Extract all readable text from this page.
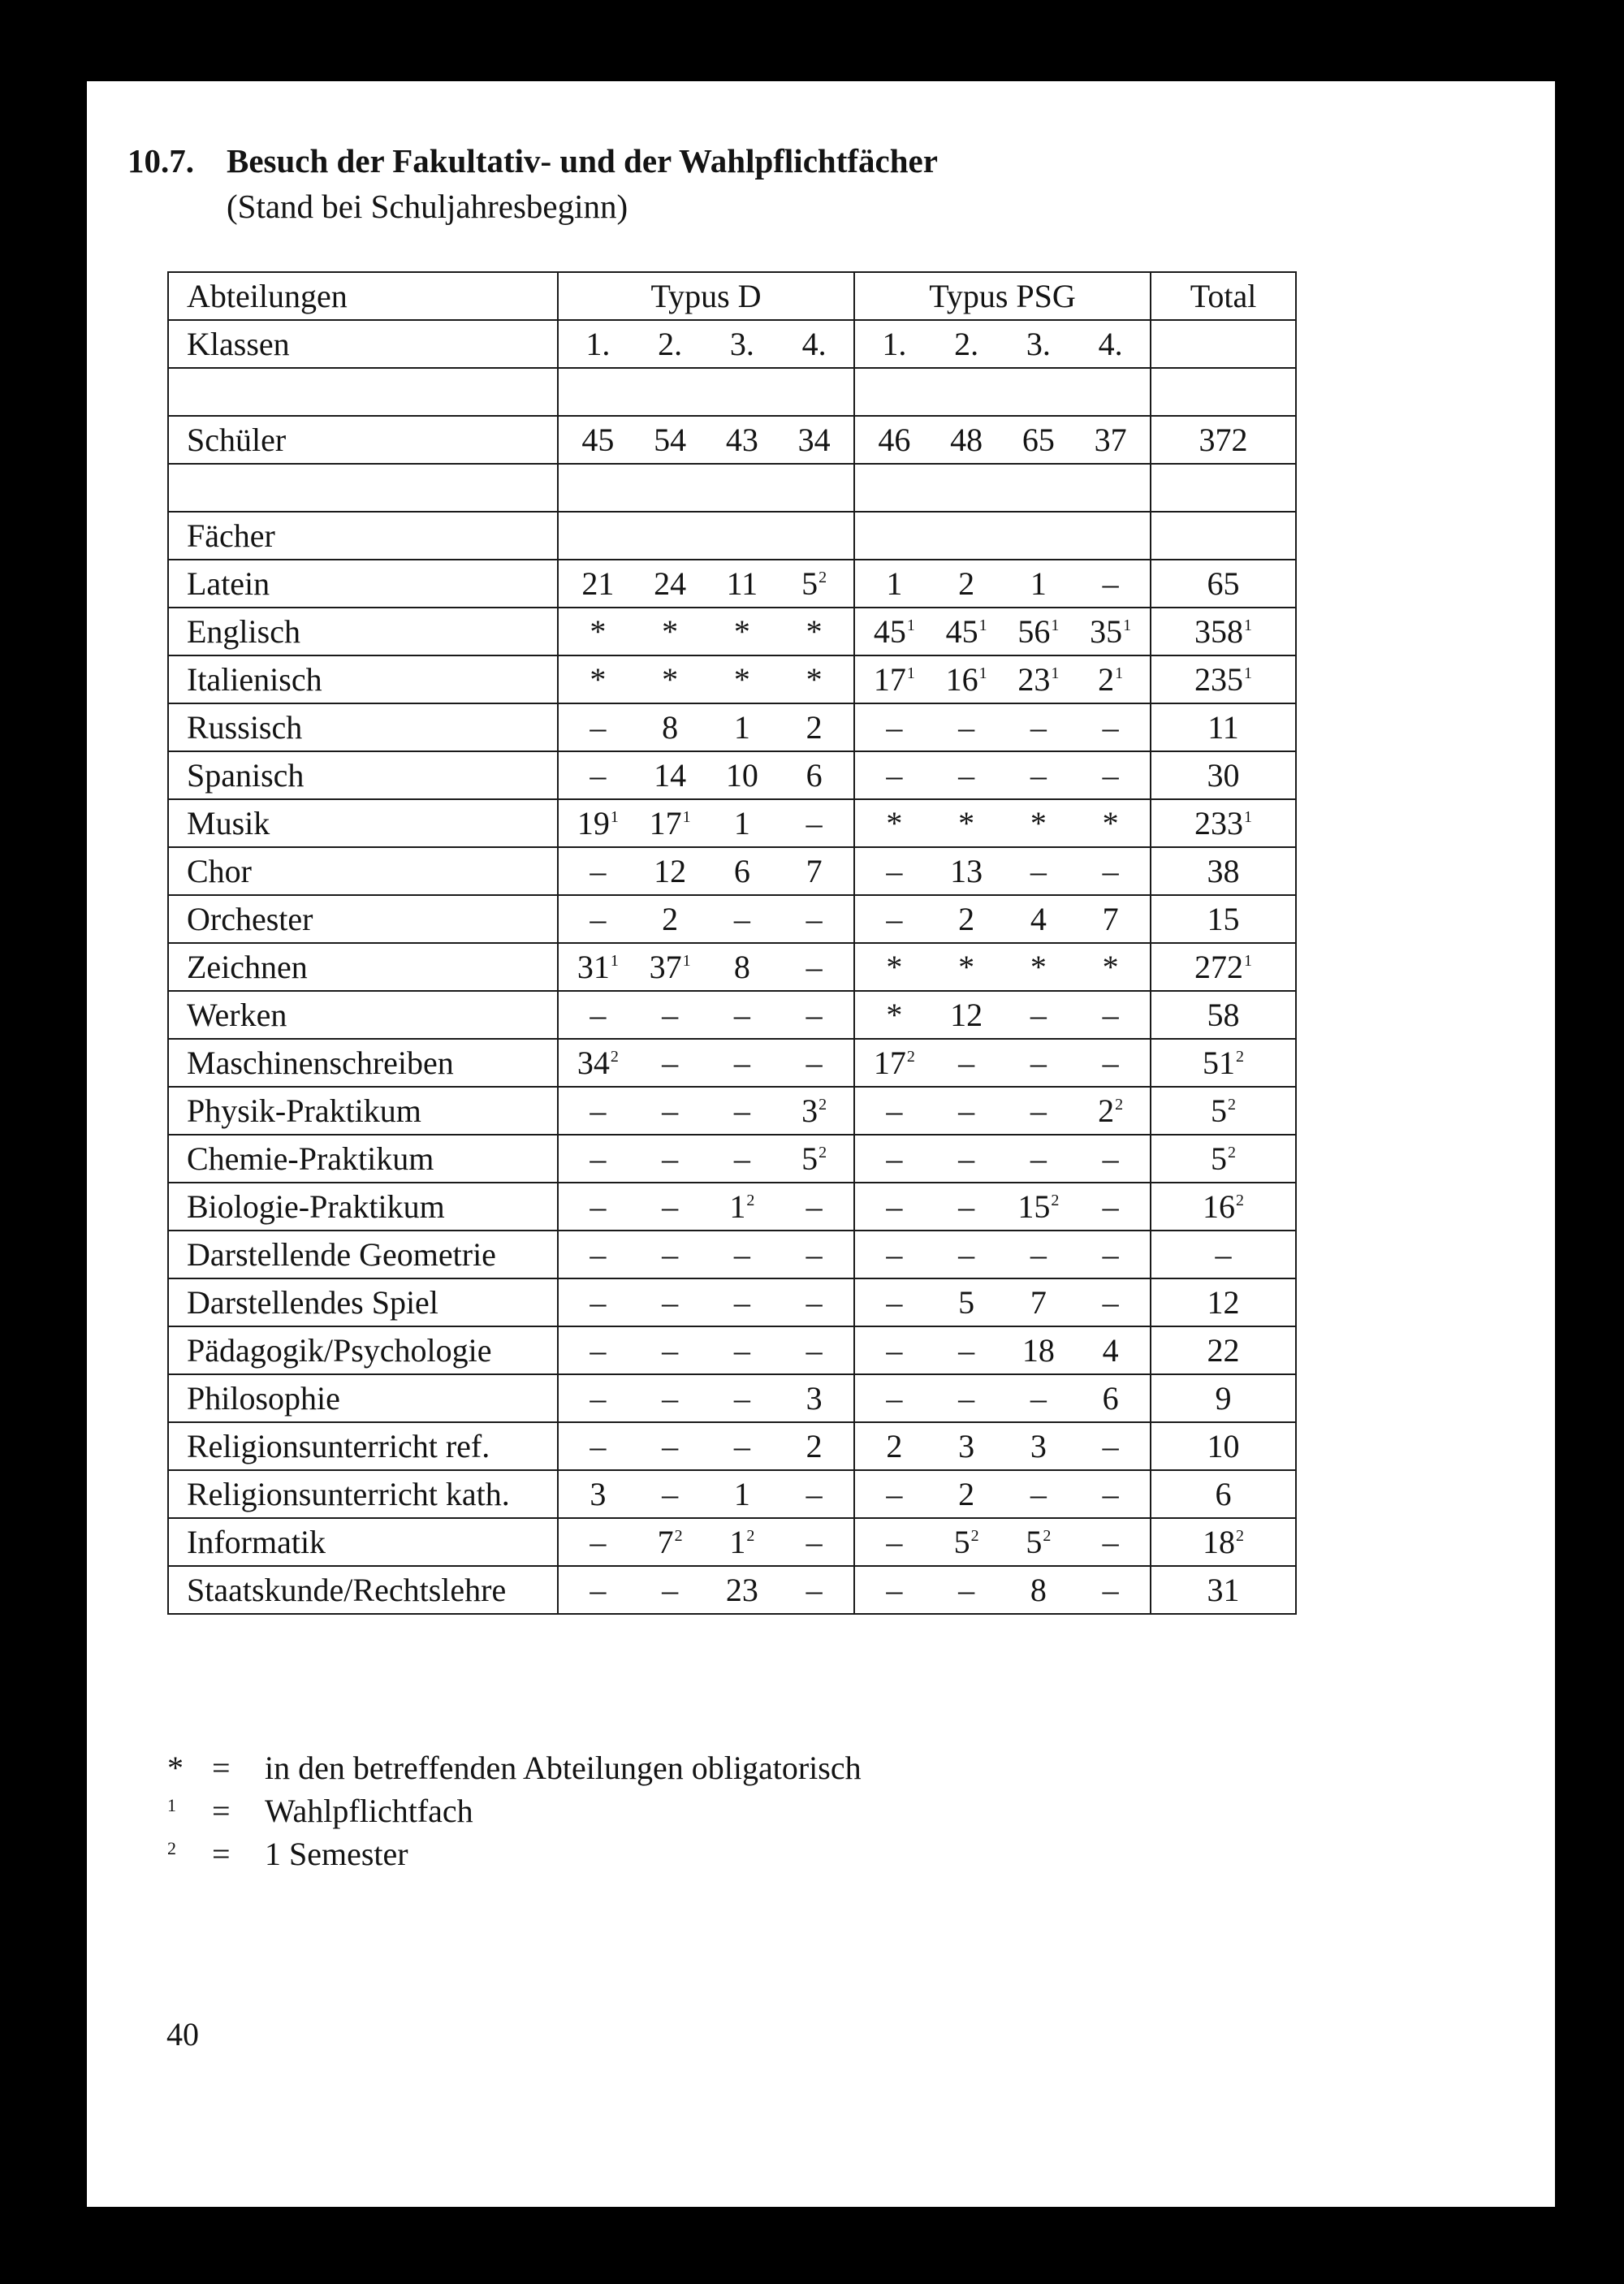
10.7. Besuch der Fakultativ- und der Wahlpflichtfächer
(Stand bei Schuljahresbeginn)
Abteilungen	Typus D	Typus PSG	Total
Klassen	1. 2. 3. 4.	1. 2. 3. 4.	

Schüler	45 54 43 34	46 48 65 37	372

Fächer			
Latein	21 24 11 $5^2$	1 2 1 –	65
Englisch	* * * *	$45^1$ $45^1$ $56^1$ $35^1$	$358^1$
Italienisch	* * * *	$17^1$ $16^1$ $23^1$ $2^1$	$235^1$
Russisch	– 8 1 2	– – – –	11
Spanisch	– 14 10 6	– – – –	30
Musik	$19^1$ $17^1$ 1 –	* * * *	$233^1$
Chor	– 12 6 7	– 13 – –	38
Orchester	– 2 – –	– 2 4 7	15
Zeichnen	$31^1$ $37^1$ 8 –	* * * *	$272^1$
Werken	– – – –	* 12 – –	58
Maschinenschreiben	$34^2$ – – –	$17^2$ – – –	$51^2$
Physik-Praktikum	– – – $3^2$	– – – $2^2$	$5^2$
Chemie-Praktikum	– – – $5^2$	– – – –	$5^2$
Biologie-Praktikum	– – $1^2$ –	– – $15^2$ –	$16^2$
Darstellende Geometrie	– – – –	– – – –	–
Darstellendes Spiel	– – – –	– 5 7 –	12
Pädagogik/Psychologie	– – – –	– – 18 4	22
Philosophie	– – – 3	– – – 6	9
Religionsunterricht ref.	– – – 2	2 3 3 –	10
Religionsunterricht kath.	3 – 1 –	– 2 – –	6
Informatik	– $7^2$ $1^2$ –	– $5^2$ $5^2$ –	$18^2$
Staatskunde/Rechtslehre	– – 23 –	– – 8 –	31
* =	in den betreffenden Abteilungen obligatorisch
1	=	Wahlpflichtfach
2	=	1 Semester
40
